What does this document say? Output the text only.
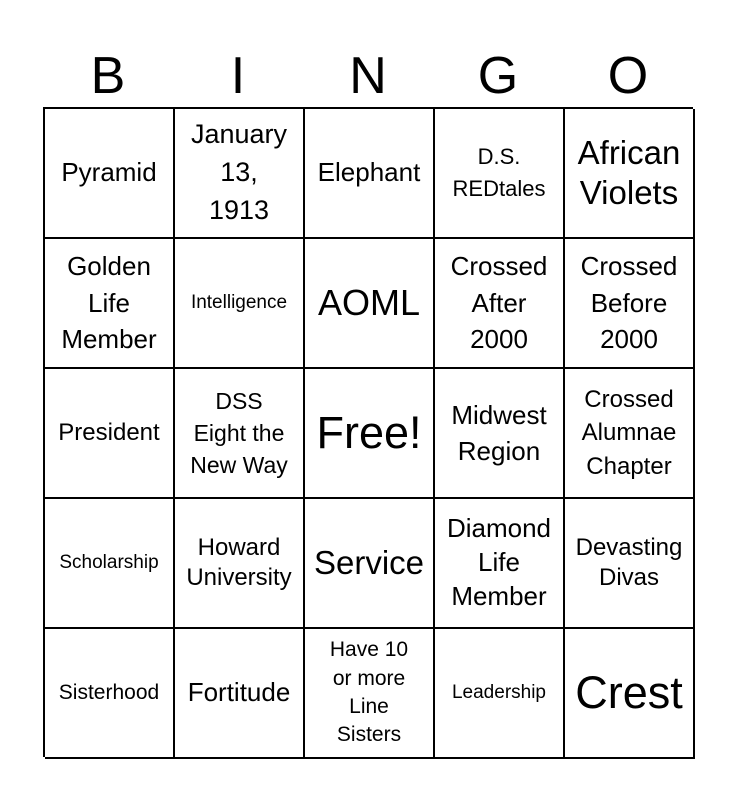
B	I	N	G	O
Pyramid
January
13,
1913
Elephant
D.S.
REDtales
African
Violets
Golden
Life
Member
Intelligence AOML
Crossed
After
2000
Crossed
Before
2000
President
DSS
Eight the
New Way
Free! Midwest
Region
Crossed
Alumnae
Chapter
Scholarship
Howard
University Service
Diamond
Life
Member
Devasting
Divas
Sisterhood Fortitude
Have 10
or more
Line
Sisters
Leadership Crest
